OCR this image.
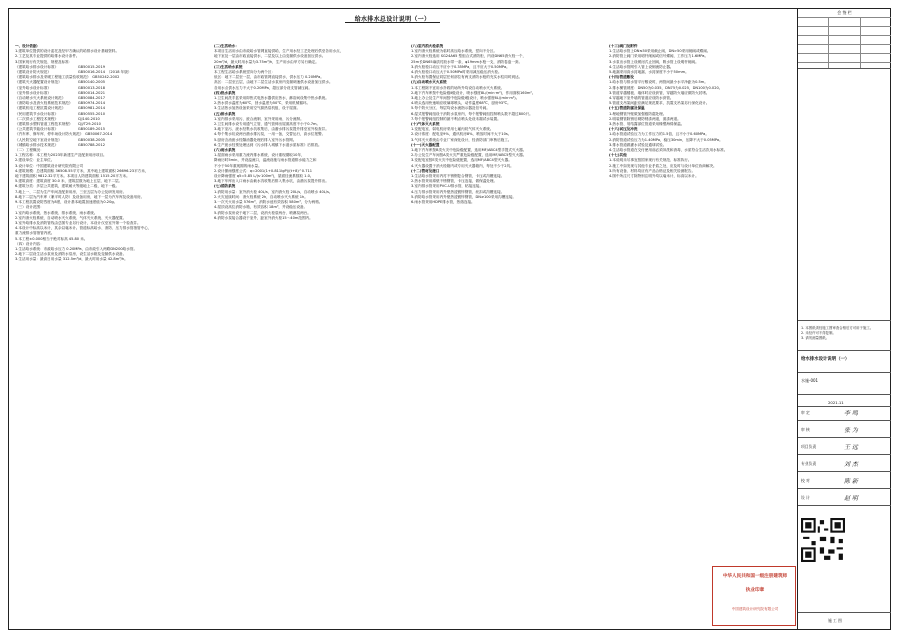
给水排水总设计说明（一）

一、设计依据：

1.建筑单位提供的设计委托及经甲方确认的给排水设计基础资料。

2.工艺及其专业提供的给排水设计条件。

3.国家现行有关规范、规程及标准：

《建筑给水排水设计标准》　　　　　　GB50015-2019

《建筑设计防火规范》　　　　　　　　GB50016-2014　（2018 年版）

《建筑给水排水及采暖工程施工质量验收规范》　GB50242-2002

《建筑灭火器配置设计规范》　　　　　GB50140-2005

《室外给水设计标准》　　　　　　　　GB50013-2018

《室外排水设计标准》　　　　　　　　GB50014-2021

《自动喷水灭火系统设计规范》　　　　GB50084-2017

《消防给水及消火栓系统技术规范》　　GB50974-2014

《建筑机电工程抗震设计规范》　　　　GB50981-2014

《民用建筑节水设计标准》　　　　　　GB50555-2010

《二次供水工程技术规程》　　　　　　CJJ140-2010

《建筑排水塑料管道工程技术规程》　　CJJ/T29-2010

《公共建筑节能设计标准》　　　　　　GB50189-2015

《汽车库、修车库、停车场设计防火规范》　GB50067-2014

《人民防空地下室设计规范》　　　　　GB50038-2005

《城镇给水排水技术规范》　　　　　　GB50788-2012

（二）工程概况：

1.工程名称：本工程为2023年新建生产及配套用房项目。

2.建设单位：业主单位。

3.设计单位：中国建筑设计研究院有限公司

4.建筑规模：总建筑面积 36508.55平方米，其中地上建筑面积 26696.23平方米，

地下建筑面积 9812.32平方米。本项目人防建筑面积 1515.20平方米。

5.建筑高度：建筑高度 30.0 米，建筑层数为地上五层、地下二层。

6.建筑分类：多层公共建筑，建筑耐火等级地上二级、地下一级。

7.地上一、二层为生产车间及配套用房，三至五层为办公及研发用房。

8.地下二层为汽车库（兼平时人防）及设备用房，地下一层为汽车库及设备用房。

9.本工程抗震设防烈度为8度，设计基本地震加速度值为0.20g。

（三）设计范围：

1.室内给水系统、热水系统、排水系统、雨水系统。

2.室内消火栓系统、自动喷水灭火系统、气体灭火系统、灭火器配置。

3.室外给排水及消防管线由总图专业另行设计，本设计仅至室外第一个检查井。

4.本设计中标高以米计，其余以毫米计。管道标高给水、消防、压力排水管指管中心，

重力流排水管指管内底。

5.本工程±0.000相当于绝对标高 45.80 米。

（四）设计内容：

1.生活给水系统：市政给水压力 0.20MPa，由市政引入两路DN200给水管。

2.地下二层设生活水泵房及消防水泵房，设生活水箱及变频供水设备。

3.生活用水量：最高日用水量 312.5m³/d，最大时用水量 42.8m³/h。

(二)生活给水：

本项目生活用水由市政给水管网直接供给，生产用水经工艺处理后供至各用水点，

地下室及一层由市政直接供水，二层及以上由变频供水设备加压供水。

20m³/d，最大时用水量为3.75m³/h，生产用水由甲方另行确定。

(三)生活给水系统

本工程生活给水系统竖向分为两个区：

低区：地下二层至一层，由市政管网直接供水，供水压力 0.20MPa。

高区：二层至五层，由地下二层生活水泵房内变频调速供水设备加压供水。

各用水点供水压力不大于0.20MPa，超压部分设支管减压阀。

(四)热水系统

1.卫生间洗手盆采用即热式电热水器供应热水，淋浴间设集中热水系统。

2.热水供水温度为60℃，回水温度为50℃，采用机械循环。

3.生活热水加热设备采用空气源热泵机组，设于屋面。

(五)排水系统

1.室内排水采用污、废合流制，室外采用雨、污分流制。

2.卫生间排水设专用通气立管，通气管伸出屋面高度不小于0.7m。

3.地下室污、废水经集水坑收集后，由潜水排污泵提升排至室外检查井。

4.每个集水坑设两台潜水排污泵，一用一备，交替运行，高水位报警。

5.厨房含油废水经隔油器处理后排入室外污水管网。

6.生产废水经预处理达到《污水排入城镇下水道水质标准》后排放。

(六)雨水系统

1.屋面雨水采用重力流内排水系统，设计重现期取10年，

降雨历时5min，并设溢流口，溢流设施与雨水管道排水能力之和

不小于50年重现期的雨水量。

2.设计暴雨强度公式：q=2001(1+0.811lgP)/(t+8)^0.711

设计降雨强度 q5=5.85 L/(s·100m²)，屋面径流系数取 1.0。

3.地下车库出入口雨水由截水沟收集后排入集水坑，由潜污泵提升排出。

(七)消防系统

1.消防用水量：室外消火栓 40L/s，室内消火栓 20L/s，自动喷水 40L/s。

2.火灾延续时间：消火栓系统 2h，自动喷水灭火系统 1h。

3.一次灭火用水量 576m³，消防水池有效容积 580m³，分为两格。

4.屋顶设高位消防水箱，有效容积 18m³，并设稳压设备。

5.消防水泵房设于地下二层，设消火栓泵两台、喷淋泵两台。

6.消防水泵接合器设于室外，距室外消火栓15～40m范围内。

(八)室内消火栓系统

1.室内消火栓系统为临时高压给水系统，竖向不分区。

2.室内消火栓选用 SG24A65 型组合式消防柜，内设DN65消火栓一个，

25m长DN65麻质衬胶水带一条，φ19mm水枪一支，消防卷盘一套。

3.消火栓栓口动压不应小于0.35MPa，且不应大于0.50MPa。

4.消火栓栓口动压大于0.50MPa时采用减压稳压消火栓。

5.消火栓布置保证同层任何部位有两支消防水枪的充实水柱同时到达。

(九)自动喷水灭火系统

1.本工程除不宜用水扑救的场所外均设自动喷水灭火系统。

2.地下汽车库按中危险级Ⅱ级设计，喷水强度8L/(min·m²)，作用面积160m²。

3.地上办公及生产车间按中危险级Ⅰ级设计，喷水强度6L/(min·m²)。

4.喷头选用快速响应玻璃球喷头，动作温度68℃，厨房93℃。

5.每个防火分区、每层均设水流指示器及信号阀。

6.湿式报警阀组设于消防水泵房内，每个报警阀组控制喷头数不超过800只。

7.每个报警阀组控制的最不利点喷头处设末端试水装置。

(十)气体灭火系统

1.变配电室、弱电机房采用七氟丙烷气体灭火系统。

2.设计浓度：配电室9%，通讯机房8%，喷放时间不大于10s。

3.气体灭火系统由专业厂家深化设计，经消防部门审核后施工。

(十一)灭火器配置

1.地下汽车库按B类火灾中危险级配置，选用MF/ABC4型手提式灭火器。

2.办公及生产车间按A类火灾严重危险级配置，选用MF/ABC5型灭火器。

3.变配电室按E类火灾中危险级配置，选用MF/ABC4型灭火器。

4.灭火器设置于消火栓箱内或专用灭火器箱内，每处不少于2具。

(十二)管材及接口

1.生活给水管采用内衬不锈钢复合钢管，卡压或沟槽连接。

2.热水管采用薄壁不锈钢管，卡压连接，做保温处理。

3.室内排水管采用PVC-U排水管，粘接连接。

4.压力排水管采用内外壁热浸镀锌钢管，丝扣或沟槽连接。

5.消防给水管采用内外壁热浸镀锌钢管，DN≥100采用沟槽连接。

6.雨水管采用HDPE排水管，热熔连接。

(十三)阀门及附件

1.生活给水管上DN≤50采用截止阀，DN>50采用闸阀或蝶阀。

2.消防管上阀门采用明杆闸阀或信号蝶阀，工作压力1.6MPa。

3.水泵出水管上设缓闭式止回阀，吸水管上设明杆闸阀。

4.生活给水管网引入管上设倒流防止器。

5.地漏采用高水封地漏，水封深度不小于50mm。

(十四)管道敷设

1.给水管与排水管平行敷设时，两管间最小水平净距为0.5m。

2.排水横管坡度：DN50为0.035，DN75为0.025，DN100为0.020。

3.管道穿越楼板、墙体时应设套管，穿越防火墙应做防火封堵。

4.穿越地下室外墙的管道应设防水套管。

5.管道支吊架间距应满足规范要求，抗震支吊架另行深化设计。

(十五)管道防腐及保温

1.埋地钢管外壁做加强级防腐处理。

2.明装钢管除锈后刷防锈漆两道，面漆两道。

3.热水管、易结露部位管道采用橡塑海绵保温。

(十六)试压及冲洗

1.给水管道试验压力为工作压力的1.5倍，且不小于0.60MPa。

2.消防管道试验压力为1.40MPa，稳压30min，压降不大于0.05MPa。

3.排水管道做灌水试验及通球试验。

4.生活给水管道在交付使用前必须冲洗和消毒，水质符合生活饮用水标准。

(十七)其他

1.本说明未尽事宜按国家现行有关规范、标准执行。

2.施工中如发现与其他专业矛盾之处，应及时与设计单位协商解决。

3.所有设备、材料均应有产品合格证及相关检测报告。

4.图中所注尺寸除特别注明外均以毫米计，标高以米计。

会 签 栏
1. 本图纸须经施工图审查合格后方可用于施工。
2. 未经许可不得复制。
3. 请勿测量图纸。
给水排水设计说明（一）
水施-001
2021.11
施 工 图
审 定	李 鸣
审 核	张 为
项目负责	王 远
专业负责	刘 杰
校 对	陈 新
设 计	赵 明
中华人民共和国一级注册建筑师
执业印章
中国建筑设计研究院有限公司
